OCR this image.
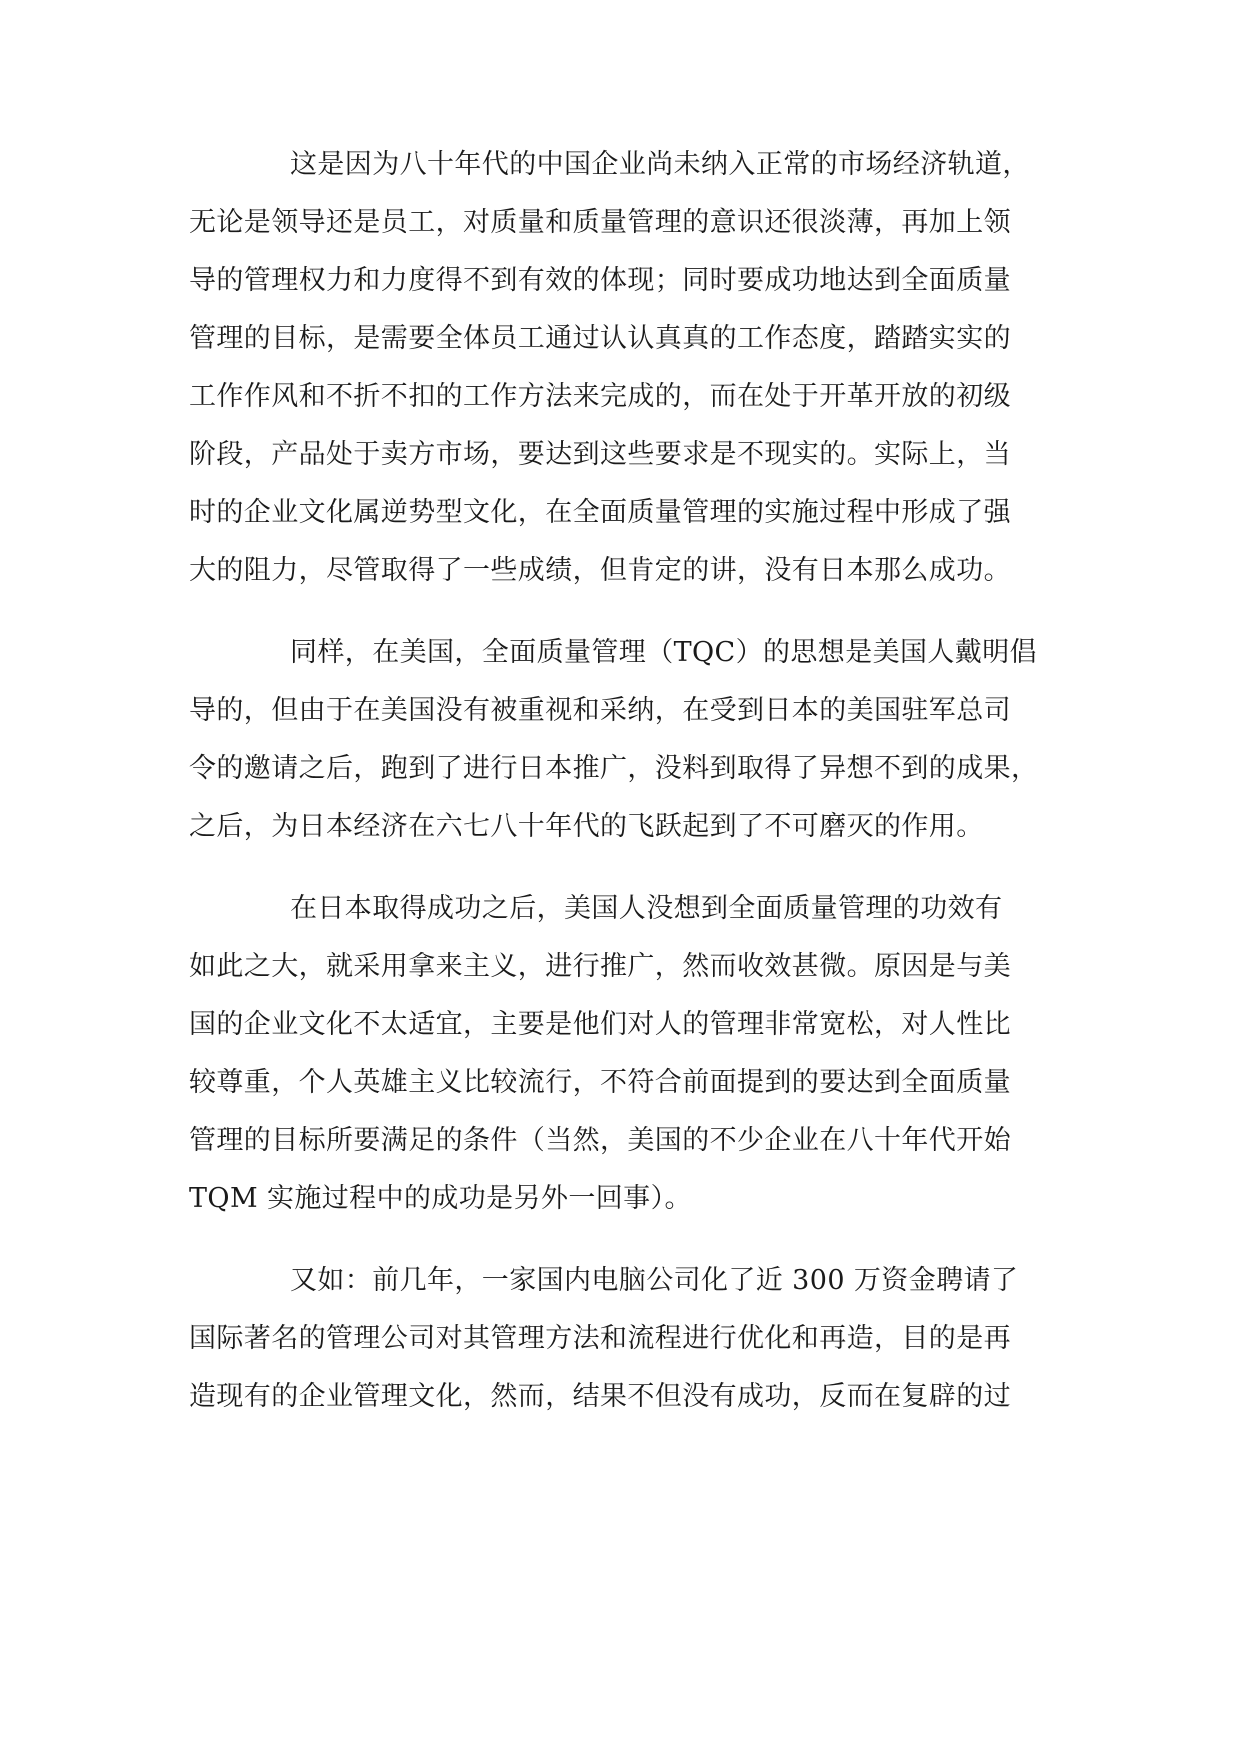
这是因为八十年代的中国企业尚未纳入正常的市场经济轨道，
无论是领导还是员工，对质量和质量管理的意识还很淡薄，再加上领
导的管理权力和力度得不到有效的体现；同时要成功地达到全面质量
管理的目标，是需要全体员工通过认认真真的工作态度，踏踏实实的
工作作风和不折不扣的工作方法来完成的，而在处于开革开放的初级
阶段，产品处于卖方市场，要达到这些要求是不现实的。实际上，当
时的企业文化属逆势型文化，在全面质量管理的实施过程中形成了强
大的阻力，尽管取得了一些成绩，但肯定的讲，没有日本那么成功。
同样，在美国，全面质量管理（TQC）的思想是美国人戴明倡
导的，但由于在美国没有被重视和采纳，在受到日本的美国驻军总司
令的邀请之后，跑到了进行日本推广，没料到取得了异想不到的成果，
之后，为日本经济在六七八十年代的飞跃起到了不可磨灭的作用。
在日本取得成功之后，美国人没想到全面质量管理的功效有
如此之大，就采用拿来主义，进行推广，然而收效甚微。原因是与美
国的企业文化不太适宜，主要是他们对人的管理非常宽松，对人性比
较尊重，个人英雄主义比较流行，不符合前面提到的要达到全面质量
管理的目标所要满足的条件（当然，美国的不少企业在八十年代开始
TQM 实施过程中的成功是另外一回事）。
又如：前几年，一家国内电脑公司化了近 300 万资金聘请了
国际著名的管理公司对其管理方法和流程进行优化和再造，目的是再
造现有的企业管理文化，然而，结果不但没有成功，反而在复辟的过
